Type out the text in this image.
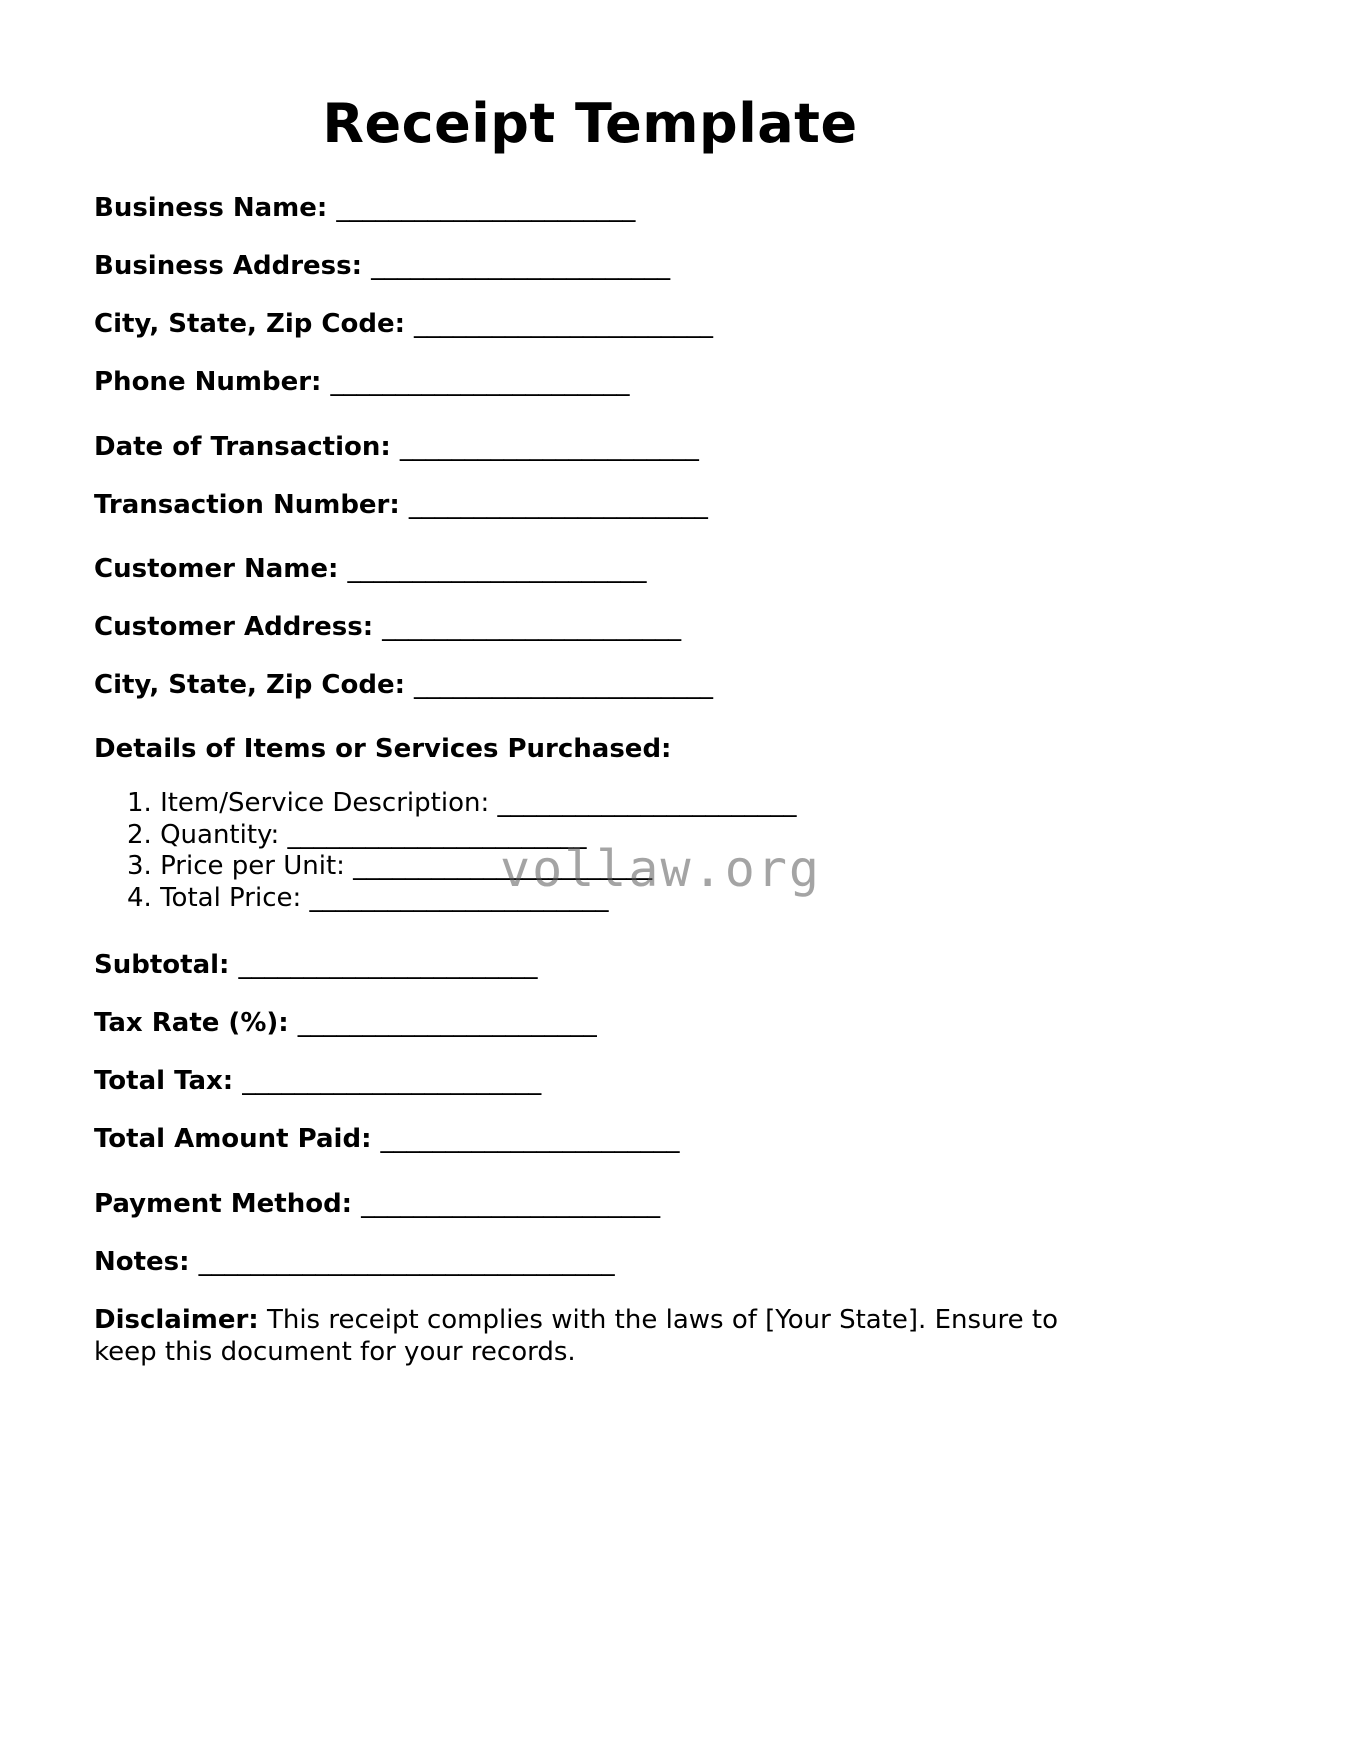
Receipt Template
Business Name: _______________________
Business Address: _______________________
City, State, Zip Code: _______________________
Phone Number: _______________________
Date of Transaction: _______________________
Transaction Number: _______________________
Customer Name: _______________________
Customer Address: _______________________
City, State, Zip Code: _______________________
Details of Items or Services Purchased:
1. Item/Service Description: _______________________
2. Quantity: _______________________
3. Price per Unit: _______________________
4. Total Price: _______________________
vollaw.org
Subtotal: _______________________
Tax Rate (%): _______________________
Total Tax: _______________________
Total Amount Paid: _______________________
Payment Method: _______________________
Notes: ________________________________
Disclaimer: This receipt complies with the laws of [Your State]. Ensure to keep this document for your records.
